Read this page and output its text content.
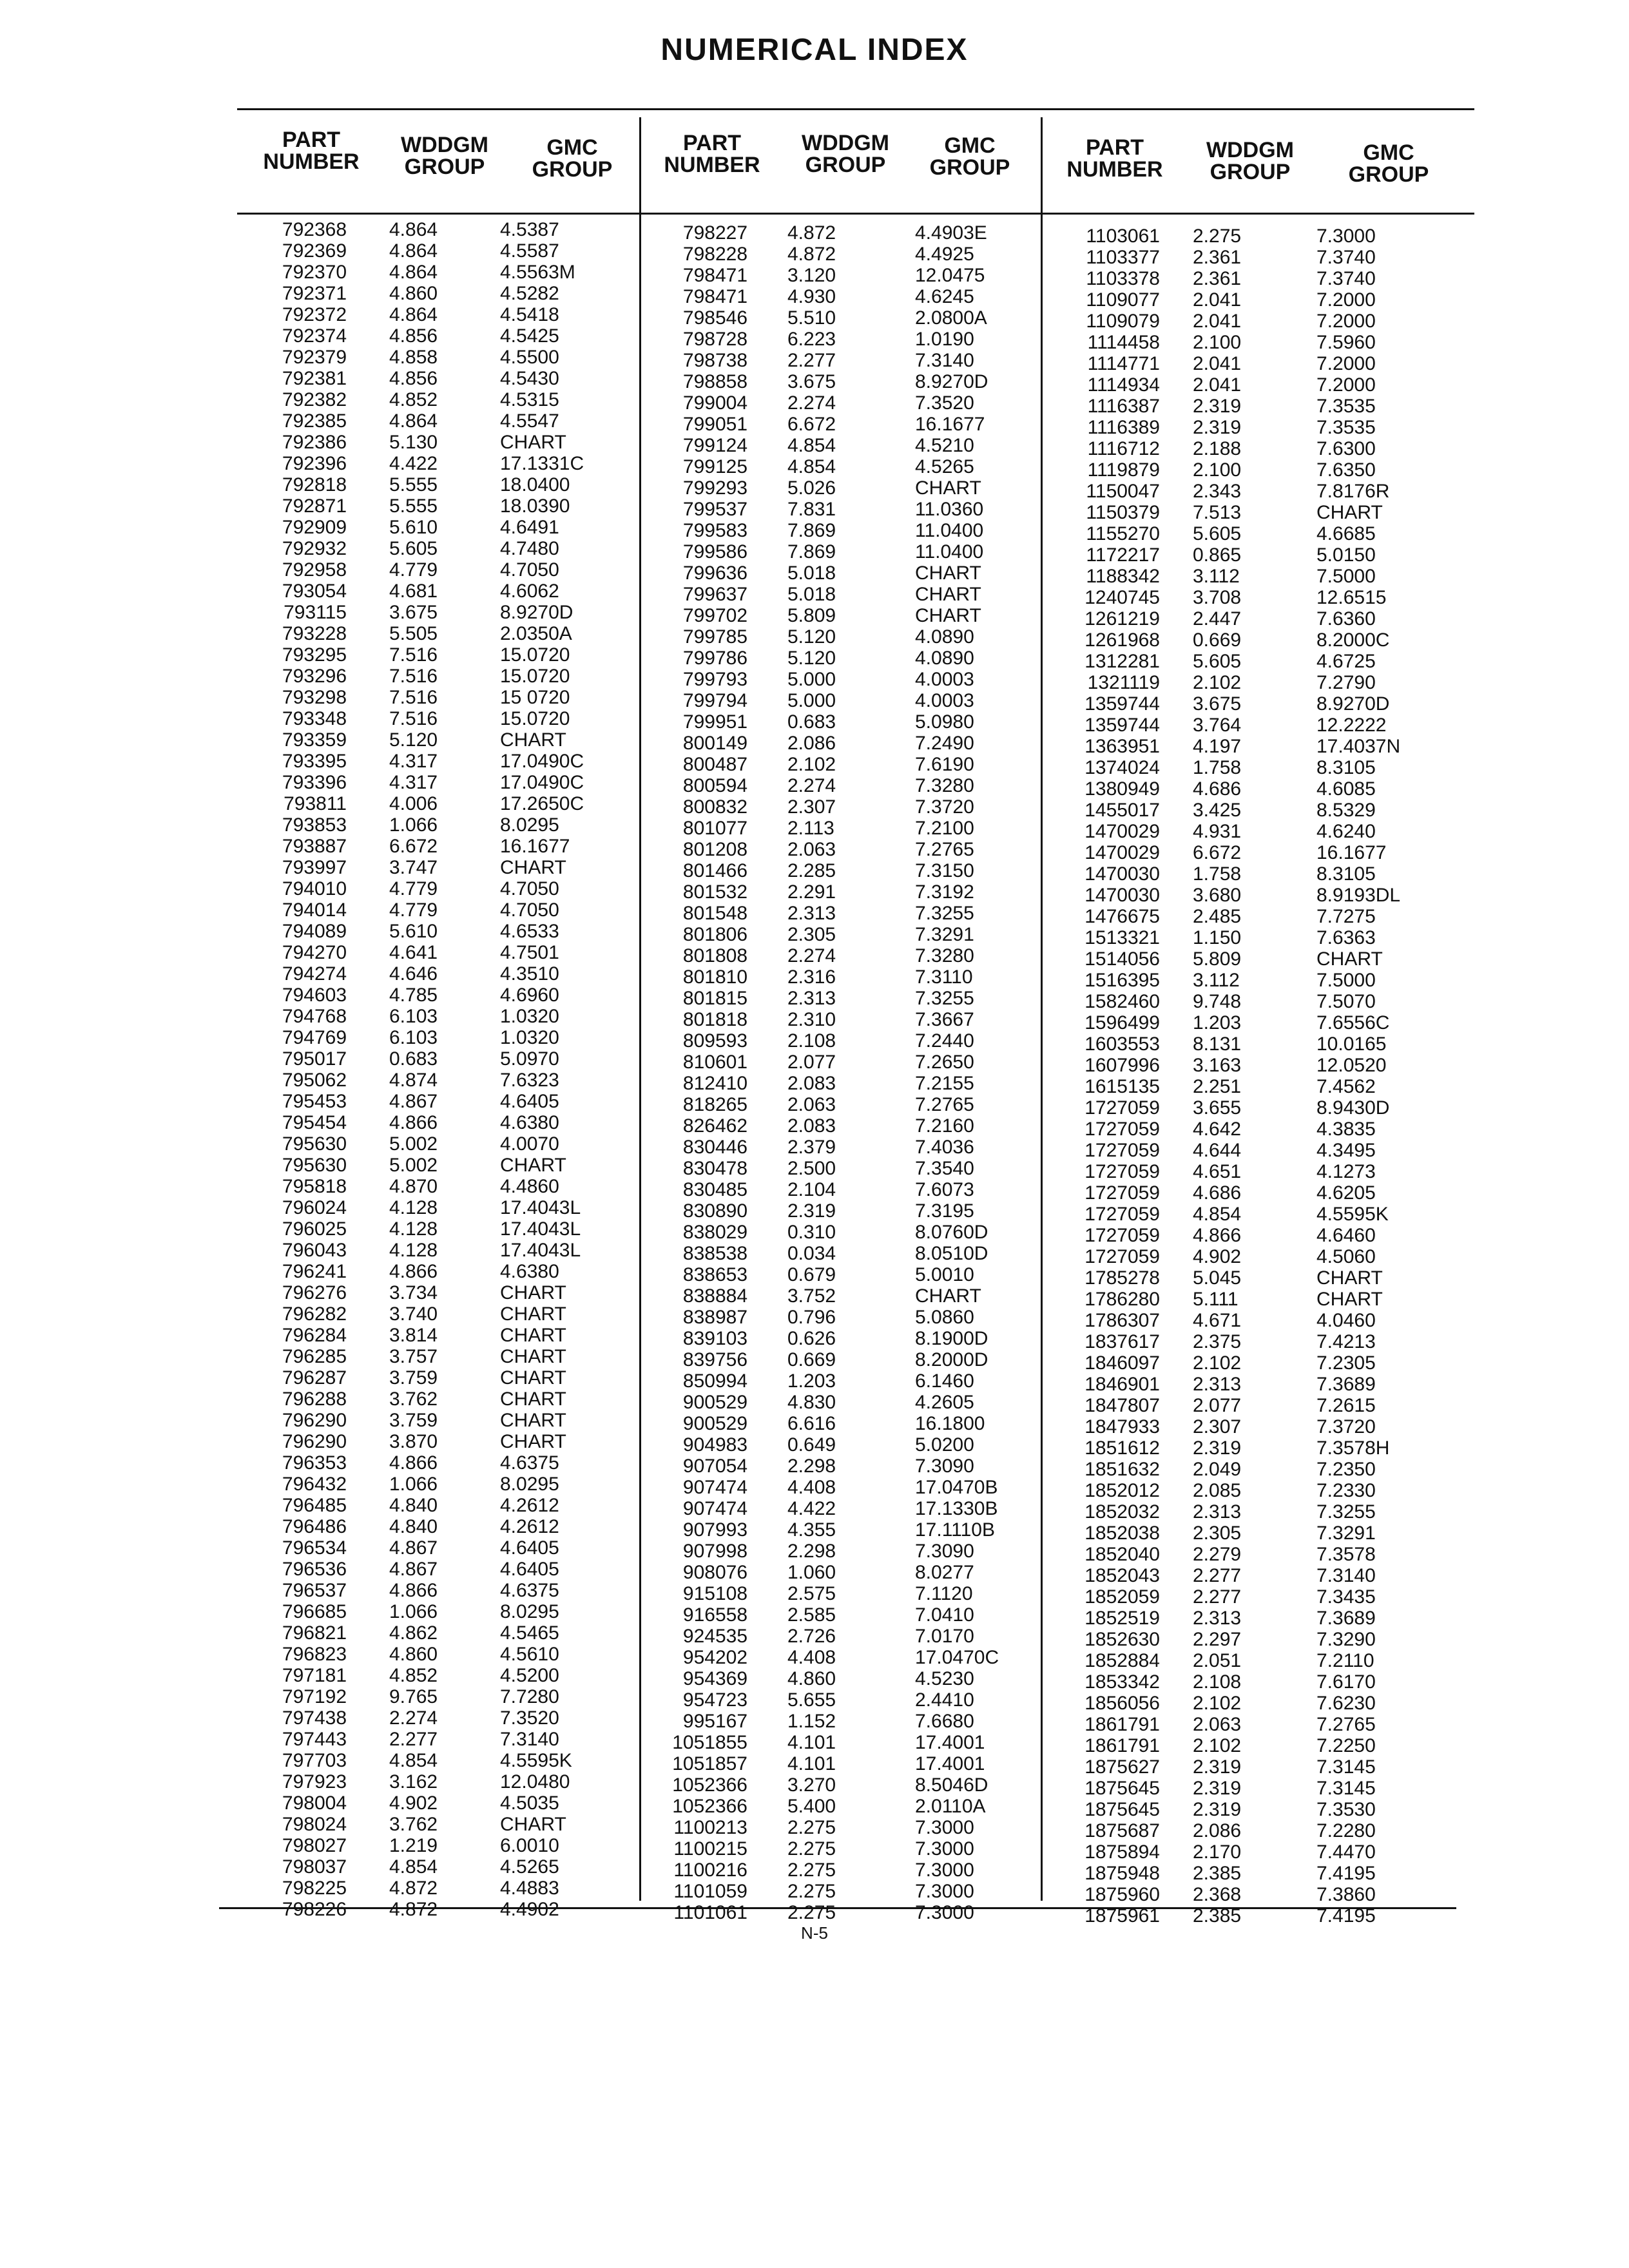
NUMERICAL INDEX
PART
NUMBER
WDDGM
GROUP
GMC
GROUP
792368 4.864	4.5387
792369 4.864	4.5587
792370 4.864	4.5563M
792371 4.860	4.5282
792372 4.864	4.5418
792374 4.856	4.5425
792379 4.858	4.5500
792381 4.856	4.5430
792382 4.852	4.5315
792385 4.864	4.5547
792386 5.130	CHART
792396 4.422	17.1331C
792818 5.555	18.0400
792871 5.555	18.0390
792909 5.610	4.6491
792932 5.605	4.7480
792958 4.779	4.7050
793054 4.681	4.6062
793115 3.675	8.9270D
793228 5.505	2.0350A
793295 7.516	15.0720
793296 7.516	15.0720
793298 7.516	15 0720
793348 7.516	15.0720
793359 5.120	CHART
793395 4.317	17.0490C
793396 4.317	17.0490C
793811 4.006	17.2650C
793853 1.066	8.0295
793887 6.672	16.1677
793997 3.747	CHART
794010 4.779	4.7050
794014 4.779	4.7050
794089 5.610	4.6533
794270 4.641	4.7501
794274 4.646	4.3510
794603 4.785	4.6960
794768 6.103	1.0320
794769 6.103	1.0320
795017 0.683	5.0970
795062 4.874	7.6323
795453 4.867	4.6405
795454 4.866	4.6380
795630 5.002	4.0070
795630 5.002	CHART
795818 4.870	4.4860
796024 4.128	17.4043L
796025 4.128	17.4043L
796043 4.128	17.4043L
796241 4.866	4.6380
796276 3.734	CHART
796282 3.740	CHART
796284 3.814	CHART
796285 3.757	CHART
796287 3.759	CHART
796288 3.762	CHART
796290 3.759	CHART
796290 3.870	CHART
796353 4.866	4.6375
796432 1.066	8.0295
796485 4.840	4.2612
796486 4.840	4.2612
796534 4.867	4.6405
796536 4.867	4.6405
796537 4.866	4.6375
796685 1.066	8.0295
796821 4.862	4.5465
796823 4.860	4.5610
797181 4.852	4.5200
797192 9.765	7.7280
797438 2.274	7.3520
797443 2.277	7.3140
797703 4.854	4.5595K
797923 3.162	12.0480
798004 4.902	4.5035
798024 3.762	CHART
798027 1.219	6.0010
798037 4.854	4.5265
798225 4.872	4.4883
798226 4.872	4.4902
PART
NUMBER
WDDGM
GROUP
GMC
GROUP
798227 4.872	4.4903E
798228 4.872	4.4925
798471 3.120	12.0475
798471 4.930	4.6245
798546 5.510	2.0800A
798728 6.223	1.0190
798738 2.277	7.3140
798858 3.675	8.9270D
799004 2.274	7.3520
799051 6.672	16.1677
799124 4.854	4.5210
799125 4.854	4.5265
799293 5.026	CHART
799537 7.831	11.0360
799583 7.869	11.0400
799586 7.869	11.0400
799636 5.018	CHART
799637 5.018	CHART
799702 5.809	CHART
799785 5.120	4.0890
799786 5.120	4.0890
799793 5.000	4.0003
799794 5.000	4.0003
799951 0.683	5.0980
800149 2.086	7.2490
800487 2.102	7.6190
800594 2.274	7.3280
800832 2.307	7.3720
801077 2.113	7.2100
801208 2.063	7.2765
801466 2.285	7.3150
801532 2.291	7.3192
801548 2.313	7.3255
801806 2.305	7.3291
801808 2.274	7.3280
801810 2.316	7.3110
801815 2.313	7.3255
801818 2.310	7.3667
809593 2.108	7.2440
810601 2.077	7.2650
812410 2.083	7.2155
818265 2.063	7.2765
826462 2.083	7.2160
830446 2.379	7.4036
830478 2.500	7.3540
830485 2.104	7.6073
830890 2.319	7.3195
838029 0.310	8.0760D
838538 0.034	8.0510D
838653 0.679	5.0010
838884 3.752	CHART
838987 0.796	5.0860
839103 0.626	8.1900D
839756 0.669	8.2000D
850994 1.203	6.1460
900529 4.830	4.2605
900529 6.616	16.1800
904983 0.649	5.0200
907054 2.298	7.3090
907474 4.408	17.0470B
907474 4.422	17.1330B
907993 4.355	17.1110B
907998 2.298	7.3090
908076 1.060	8.0277
915108 2.575	7.1120
916558 2.585	7.0410
924535 2.726	7.0170
954202 4.408	17.0470C
954369 4.860	4.5230
954723 5.655	2.4410
995167 1.152	7.6680
1051855 4.101	17.4001
1051857 4.101	17.4001
1052366 3.270	8.5046D
1052366 5.400	2.0110A
1100213 2.275	7.3000
1100215 2.275	7.3000
1100216 2.275	7.3000
1101059 2.275	7.3000
1101061 2.275	7.3000
PART
NUMBER
WDDGM
GROUP
GMC
GROUP
1103061 2.275	7.3000
1103377 2.361	7.3740
1103378 2.361	7.3740
1109077 2.041	7.2000
1109079 2.041	7.2000
1114458 2.100	7.5960
1114771 2.041	7.2000
1114934 2.041	7.2000
1116387 2.319	7.3535
1116389 2.319	7.3535
1116712 2.188	7.6300
1119879 2.100	7.6350
1150047 2.343	7.8176R
1150379 7.513	CHART
1155270 5.605	4.6685
1172217 0.865	5.0150
1188342 3.112	7.5000
1240745 3.708	12.6515
1261219 2.447	7.6360
1261968 0.669	8.2000C
1312281 5.605	4.6725
1321119 2.102	7.2790
1359744 3.675	8.9270D
1359744 3.764	12.2222
1363951 4.197	17.4037N
1374024 1.758	8.3105
1380949 4.686	4.6085
1455017 3.425	8.5329
1470029 4.931	4.6240
1470029 6.672	16.1677
1470030 1.758	8.3105
1470030 3.680	8.9193DL
1476675 2.485	7.7275
1513321 1.150	7.6363
1514056 5.809	CHART
1516395 3.112	7.5000
1582460 9.748	7.5070
1596499 1.203	7.6556C
1603553 8.131	10.0165
1607996 3.163	12.0520
1615135 2.251	7.4562
1727059 3.655	8.9430D
1727059 4.642	4.3835
1727059 4.644	4.3495
1727059 4.651	4.1273
1727059 4.686	4.6205
1727059 4.854	4.5595K
1727059 4.866	4.6460
1727059 4.902	4.5060
1785278 5.045	CHART
1786280 5.111	CHART
1786307 4.671	4.0460
1837617 2.375	7.4213
1846097 2.102	7.2305
1846901 2.313	7.3689
1847807 2.077	7.2615
1847933 2.307	7.3720
1851612 2.319	7.3578H
1851632 2.049	7.2350
1852012 2.085	7.2330
1852032 2.313	7.3255
1852038 2.305	7.3291
1852040 2.279	7.3578
1852043 2.277	7.3140
1852059 2.277	7.3435
1852519 2.313	7.3689
1852630 2.297	7.3290
1852884 2.051	7.2110
1853342 2.108	7.6170
1856056 2.102	7.6230
1861791 2.063	7.2765
1861791 2.102	7.2250
1875627 2.319	7.3145
1875645 2.319	7.3145
1875645 2.319	7.3530
1875687 2.086	7.2280
1875894 2.170	7.4470
1875948 2.385	7.4195
1875960 2.368	7.3860
1875961 2.385	7.4195
N-5
